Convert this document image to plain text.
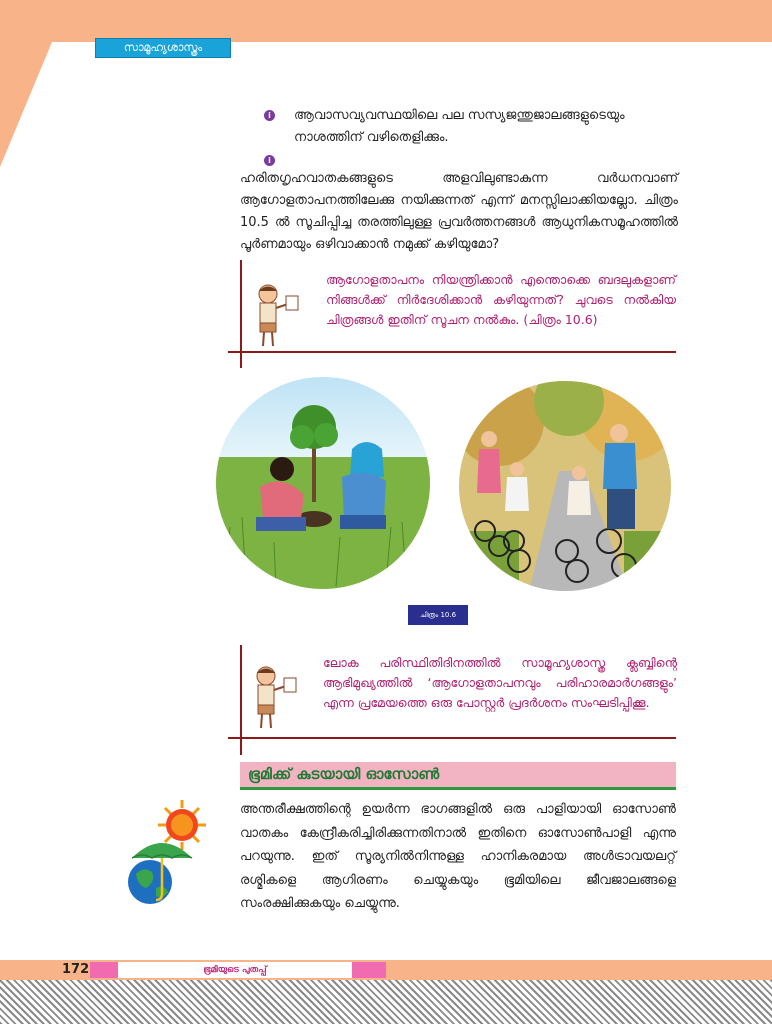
സാമൂഹ്യശാസ്ത്രം
i	ആവാസവ്യവസ്ഥയിലെ പല സസ്യജന്തുജാലങ്ങളുടെയും നാശത്തിന് വഴിതെളിക്കും.
i
ഹരിതഗൃഹവാതകങ്ങളുടെ അളവിലുണ്ടാകുന്ന വർധനവാണ് ആഗോളതാപനത്തിലേക്കു നയിക്കുന്നത് എന്ന് മനസ്സിലാക്കിയല്ലോ. ചിത്രം 10.5 ൽ സൂചിപ്പിച്ച തരത്തിലുള്ള പ്രവർത്തനങ്ങൾ ആധുനികസമൂഹത്തിൽ പൂർണമായും ഒഴിവാക്കാൻ നമുക്ക് കഴിയുമോ?
ആഗോളതാപനം നിയന്ത്രിക്കാൻ എന്തൊക്കെ ബദലുകളാണ് നിങ്ങൾക്ക് നിർദേശിക്കാൻ കഴിയുന്നത്? ചുവടെ നൽകിയ ചിത്രങ്ങൾ ഇതിന് സൂചന നൽകും. (ചിത്രം 10.6)
ചിത്രം 10.6
ലോക പരിസ്ഥിതിദിനത്തിൽ സാമൂഹ്യശാസ്ത്ര ക്ലബ്ബിന്റെ ആഭിമുഖ്യത്തിൽ ‘ആഗോളതാപനവും പരിഹാരമാർഗങ്ങളും’ എന്ന പ്രമേയത്തെ ഒരു പോസ്റ്റർ പ്രദർശനം സംഘടിപ്പിക്കൂ.
ഭൂമിക്ക് കുടയായി ഓസോൺ
അന്തരീക്ഷത്തിന്റെ ഉയർന്ന ഭാഗങ്ങളിൽ ഒരു പാളിയായി ഓസോൺ വാതകം കേന്ദ്രീകരിച്ചിരിക്കുന്നതിനാൽ ഇതിനെ ഓസോൺപാളി എന്നു പറയുന്നു. ഇത് സൂര്യനിൽനിന്നുള്ള ഹാനികരമായ അൾട്രാവയലറ്റ് രശ്മികളെ ആഗിരണം ചെയ്യുകയും ഭൂമിയിലെ ജീവജാലങ്ങളെ സംരക്ഷിക്കുകയും ചെയ്യുന്നു.
172	ഭൂമിയുടെ പുതപ്പ്
